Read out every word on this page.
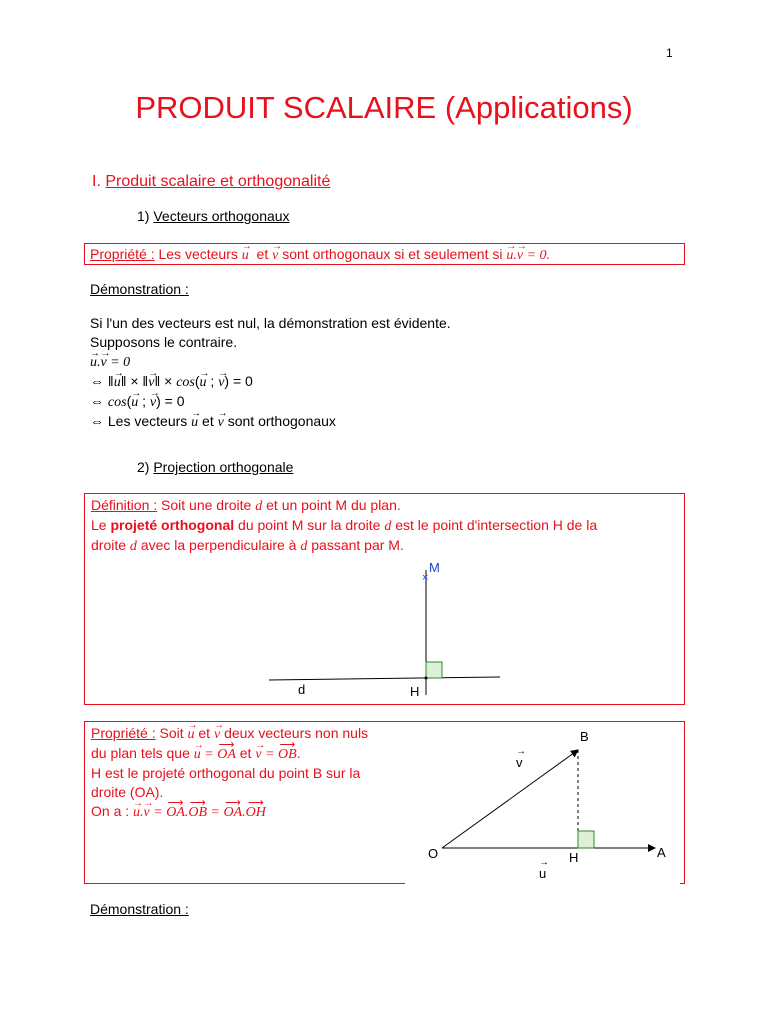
1
PRODUIT SCALAIRE (Applications)
I. Produit scalaire et orthogonalité
1) Vecteurs orthogonaux
Propriété : Les vecteurs → u et → v sont orthogonaux si et seulement si → u.→ v = 0.
Démonstration :

Si l'un des vecteurs est nul, la démonstration est évidente.

Supposons le contraire.

→ u.→ v = 0

⇔ ‖→ u‖ × ‖→ v‖ × cos(→ u ; → v) = 0

⇔ cos(→ u ; → v) = 0

⇔ Les vecteurs → u et → v sont orthogonaux

2) Projection orthogonale

Définition : Soit une droite d et un point M du plan.

Le projeté orthogonal du point M sur la droite d est le point d'intersection H de la

droite d avec la perpendiculaire à d passant par M.

×
M
H
d

Propriété : Soit → u et → v deux vecteurs non nuls

du plan tels que → u = ⟶ OA et → v = ⟶ OB.

H est le projeté orthogonal du point B sur la

droite (OA).

On a : → u.→ v = ⟶ OA.⟶ OB = ⟶ OA.⟶ OH

B
O	H	A
→ v
→ u
Démonstration :
